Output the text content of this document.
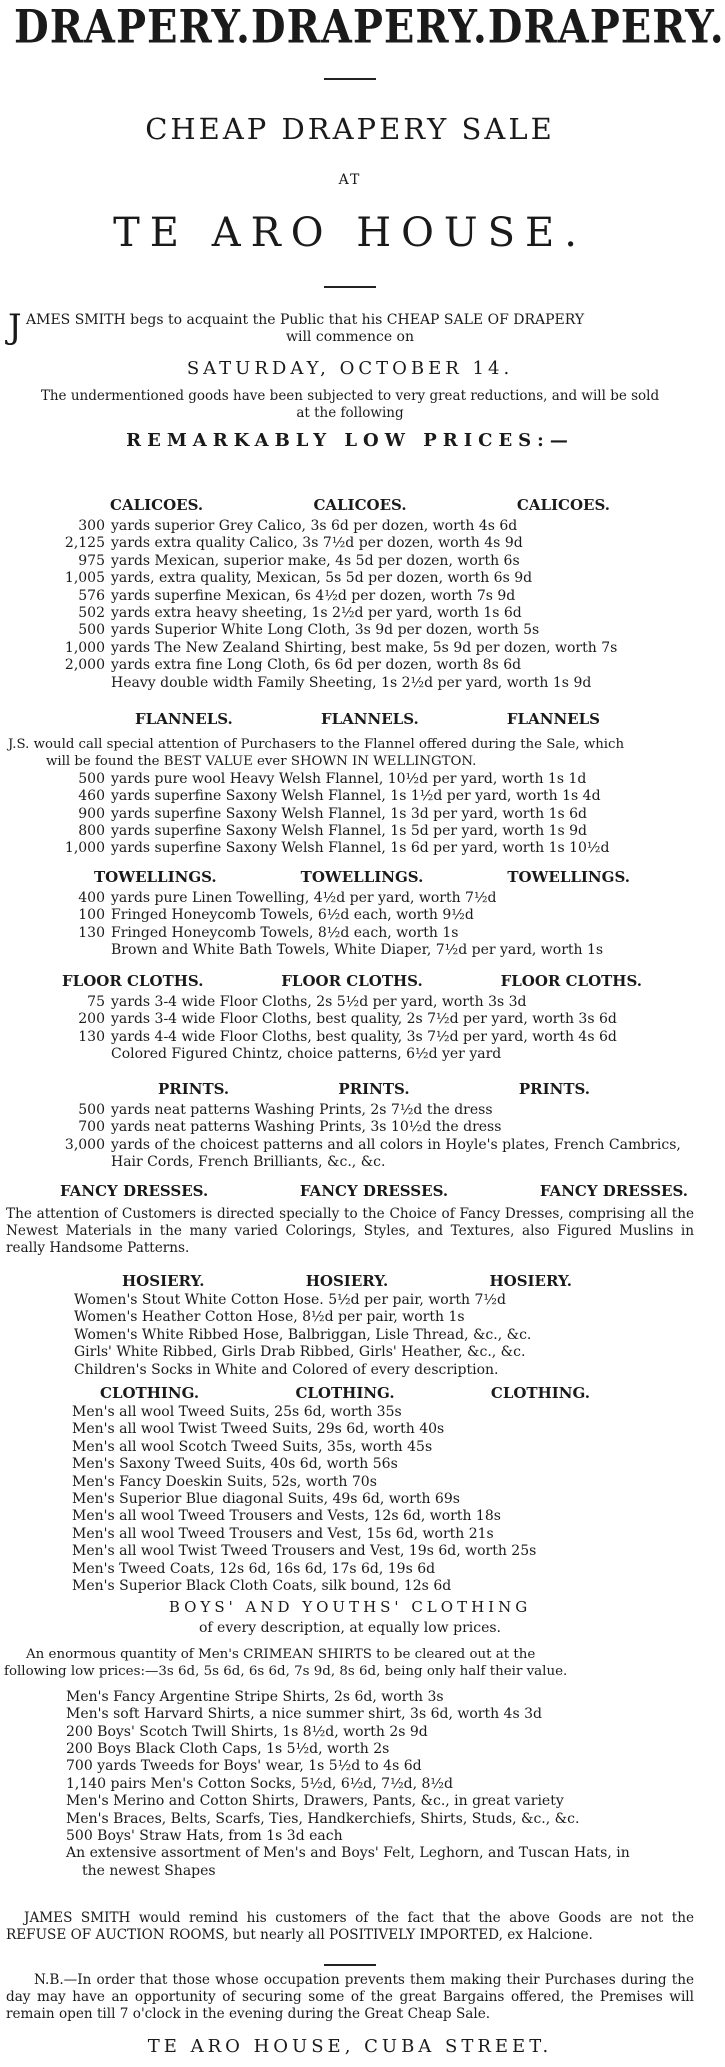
DRAPERY. DRAPERY. DRAPERY.
CHEAP DRAPERY SALE
AT
TE ARO HOUSE.
J AMES SMITH begs to acquaint the Public that his CHEAP SALE OF DRAPERY
will commence on
SATURDAY, OCTOBER 14.
The undermentioned goods have been subjected to very great reductions, and will be sold
at the following
REMARKABLY LOW PRICES:—
CALICOES.	CALICOES.	CALICOES.
300 yards superior Grey Calico, 3s 6d per dozen, worth 4s 6d
2,125 yards extra quality Calico, 3s 7½d per dozen, worth 4s 9d
975 yards Mexican, superior make, 4s 5d per dozen, worth 6s
1,005 yards, extra quality, Mexican, 5s 5d per dozen, worth 6s 9d
576 yards superfine Mexican, 6s 4½d per dozen, worth 7s 9d
502 yards extra heavy sheeting, 1s 2½d per yard, worth 1s 6d
500 yards Superior White Long Cloth, 3s 9d per dozen, worth 5s
1,000 yards The New Zealand Shirting, best make, 5s 9d per dozen, worth 7s
2,000 yards extra fine Long Cloth, 6s 6d per dozen, worth 8s 6d
Heavy double width Family Sheeting, 1s 2½d per yard, worth 1s 9d
FLANNELS.	FLANNELS.	FLANNELS
J.S. would call special attention of Purchasers to the Flannel offered during the Sale, which
will be found the BEST VALUE ever SHOWN IN WELLINGTON.
500 yards pure wool Heavy Welsh Flannel, 10½d per yard, worth 1s 1d
460 yards superfine Saxony Welsh Flannel, 1s 1½d per yard, worth 1s 4d
900 yards superfine Saxony Welsh Flannel, 1s 3d per yard, worth 1s 6d
800 yards superfine Saxony Welsh Flannel, 1s 5d per yard, worth 1s 9d
1,000 yards superfine Saxony Welsh Flannel, 1s 6d per yard, worth 1s 10½d
TOWELLINGS.	TOWELLINGS.	TOWELLINGS.
400 yards pure Linen Towelling, 4½d per yard, worth 7½d
100 Fringed Honeycomb Towels, 6½d each, worth 9½d
130 Fringed Honeycomb Towels, 8½d each, worth 1s
Brown and White Bath Towels, White Diaper, 7½d per yard, worth 1s
FLOOR CLOTHS.	FLOOR CLOTHS.	FLOOR CLOTHS.
75 yards 3-4 wide Floor Cloths, 2s 5½d per yard, worth 3s 3d
200 yards 3-4 wide Floor Cloths, best quality, 2s 7½d per yard, worth 3s 6d
130 yards 4-4 wide Floor Cloths, best quality, 3s 7½d per yard, worth 4s 6d
Colored Figured Chintz, choice patterns, 6½d yer yard
PRINTS.	PRINTS.	PRINTS.
500 yards neat patterns Washing Prints, 2s 7½d the dress
700 yards neat patterns Washing Prints, 3s 10½d the dress
3,000 yards of the choicest patterns and all colors in Hoyle's plates, French Cambrics,
Hair Cords, French Brilliants, &c., &c.
FANCY DRESSES.	FANCY DRESSES.	FANCY DRESSES.
The attention of Customers is directed specially to the Choice of Fancy Dresses, comprising all the Newest Materials in the many varied Colorings, Styles, and Textures, also Figured Muslins in really Handsome Patterns.
HOSIERY.	HOSIERY.	HOSIERY.
Women's Stout White Cotton Hose. 5½d per pair, worth 7½d
Women's Heather Cotton Hose, 8½d per pair, worth 1s
Women's White Ribbed Hose, Balbriggan, Lisle Thread, &c., &c.
Girls' White Ribbed, Girls Drab Ribbed, Girls' Heather, &c., &c.
Children's Socks in White and Colored of every description.
CLOTHING.	CLOTHING.	CLOTHING.
Men's all wool Tweed Suits, 25s 6d, worth 35s
Men's all wool Twist Tweed Suits, 29s 6d, worth 40s
Men's all wool Scotch Tweed Suits, 35s, worth 45s
Men's Saxony Tweed Suits, 40s 6d, worth 56s
Men's Fancy Doeskin Suits, 52s, worth 70s
Men's Superior Blue diagonal Suits, 49s 6d, worth 69s
Men's all wool Tweed Trousers and Vests, 12s 6d, worth 18s
Men's all wool Tweed Trousers and Vest, 15s 6d, worth 21s
Men's all wool Twist Tweed Trousers and Vest, 19s 6d, worth 25s
Men's Tweed Coats, 12s 6d, 16s 6d, 17s 6d, 19s 6d
Men's Superior Black Cloth Coats, silk bound, 12s 6d
BOYS' AND YOUTHS' CLOTHING
of every description, at equally low prices.
An enormous quantity of Men's CRIMEAN SHIRTS to be cleared out at the
following low prices:—3s 6d, 5s 6d, 6s 6d, 7s 9d, 8s 6d, being only half their value.
Men's Fancy Argentine Stripe Shirts, 2s 6d, worth 3s
Men's soft Harvard Shirts, a nice summer shirt, 3s 6d, worth 4s 3d
200 Boys' Scotch Twill Shirts, 1s 8½d, worth 2s 9d
200 Boys Black Cloth Caps, 1s 5½d, worth 2s
700 yards Tweeds for Boys' wear, 1s 5½d to 4s 6d
1,140 pairs Men's Cotton Socks, 5½d, 6½d, 7½d, 8½d
Men's Merino and Cotton Shirts, Drawers, Pants, &c., in great variety
Men's Braces, Belts, Scarfs, Ties, Handkerchiefs, Shirts, Studs, &c., &c.
500 Boys' Straw Hats, from 1s 3d each
An extensive assortment of Men's and Boys' Felt, Leghorn, and Tuscan Hats, in
the newest Shapes
JAMES SMITH would remind his customers of the fact that the above Goods are not the REFUSE OF AUCTION ROOMS, but nearly all POSITIVELY IMPORTED, ex Halcione.
N.B.—In order that those whose occupation prevents them making their Purchases during the day may have an opportunity of securing some of the great Bargains offered, the Premises will remain open till 7 o'clock in the evening during the Great Cheap Sale.
TE ARO HOUSE, CUBA STREET.
